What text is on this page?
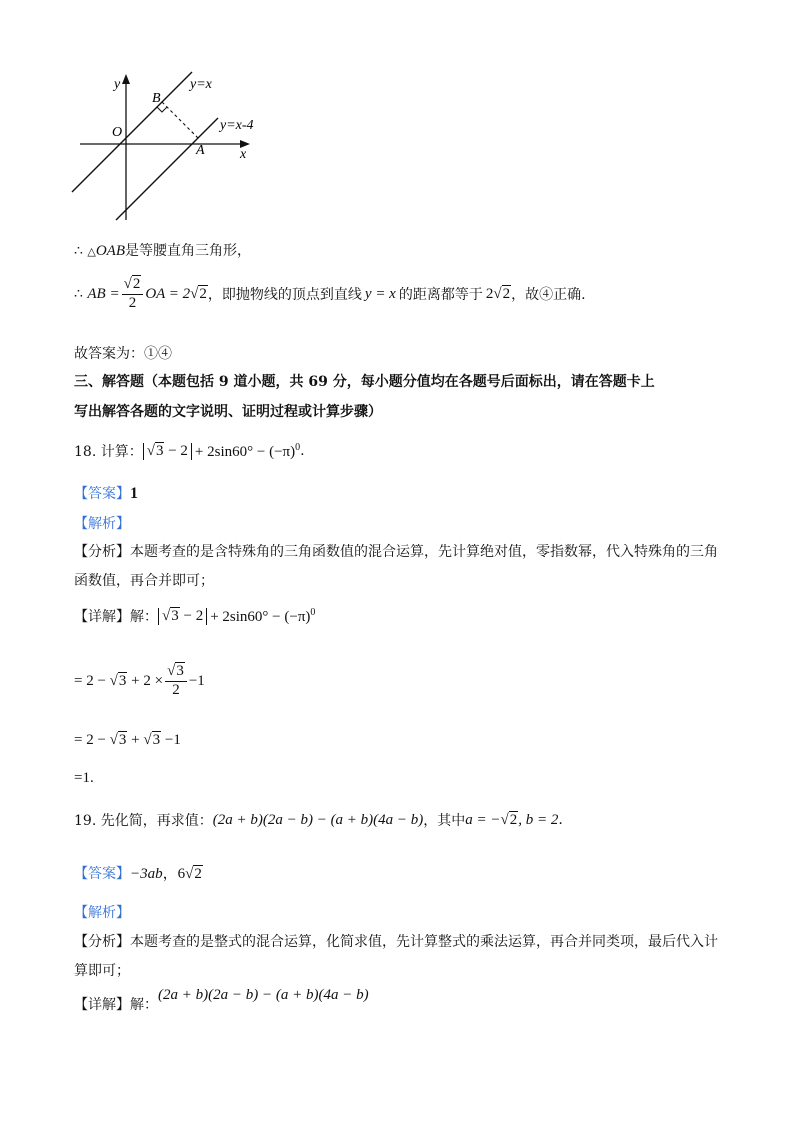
y
x
O
A
B
y=x
y=x-4
∴ △OAB是等腰直角三角形，
∴
AB = $\frac{√2}{2}$ OA = 2 √2 ，即抛物线的顶点到直线 y = x 的距离都等于 2 √2 ，故④正确.
故答案为：①④
三、解答题（本题包括 9 道小题，共 69 分，每小题分值均在各题号后面标出，请在答题卡上
写出解答各题的文字说明、证明过程或计算步骤）
18. 计算： $√3 - 2 + 2\sin 60^\circ - (-\pi)^0$ .
【答案】1
【解析】
【分析】本题考查的是含特殊角的三角函数值的混合运算，先计算绝对值，零指数幂，代入特殊角的三角
函数值，再合并即可；
【详解】 解： $√3 - 2 + 2\sin 60^\circ - (-\pi)^0$
= 2 − √ 3
+ $2 \times \frac{√3}{2} -1$
= 2 − √3 + √3 −1
=1.
19. 先化简，再求值： (2a + b)(2a − b) − (a + b)(4a − b) ，其中 a = − √2 , b = 2 .
【答案】−3ab，6√2
【解析】
【分析】本题考查的是整式的混合运算，化简求值，先计算整式的乘法运算，再合并同类项，最后代入计
算即可；
【详解】 解：
(2a + b)(2a − b) − (a + b)(4a − b)
